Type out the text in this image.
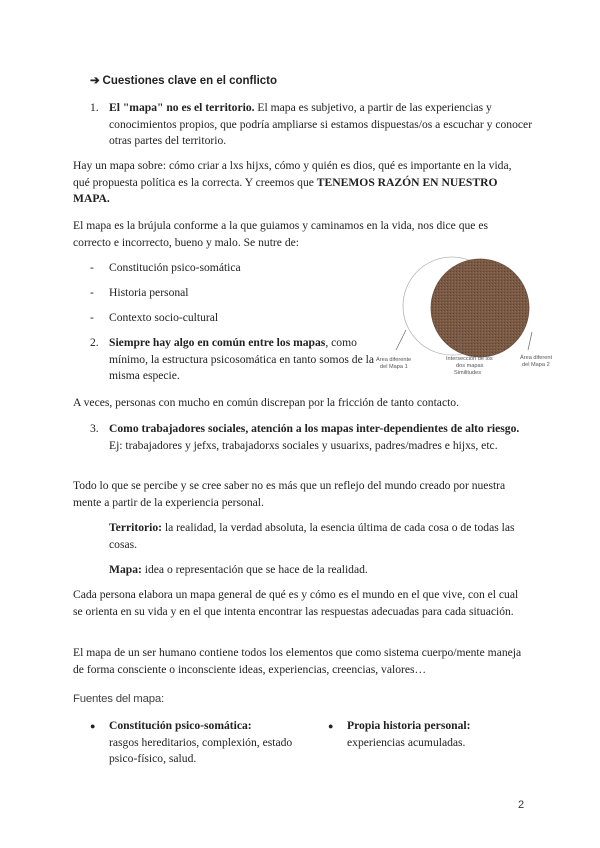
➔ Cuestiones clave en el conflicto
1. El "mapa" no es el territorio. El mapa es subjetivo, a partir de las experiencias y conocimientos propios, que podría ampliarse si estamos dispuestas/os a escuchar y conocer otras partes del territorio.

Hay un mapa sobre: cómo criar a lxs hijxs, cómo y quién es dios, qué es importante en la vida, qué propuesta política es la correcta. Y creemos que TENEMOS RAZÓN EN NUESTRO MAPA.

El mapa es la brújula conforme a la que guiamos y caminamos en la vida, nos dice que es correcto e incorrecto, bueno y malo. Se nutre de:

- Constitución psico-somática
- Historia personal
- Contexto socio-cultural
2. Siempre hay algo en común entre los mapas, como mínimo, la estructura psicosomática en tanto somos de la misma especie.
Área diferente
del Mapa 1
Intersección de los
dos mapas
Similitudes
Área diferente
del Mapa 2

A veces, personas con mucho en común discrepan por la fricción de tanto contacto.

3. Como trabajadores sociales, atención a los mapas inter-dependientes de alto riesgo. Ej: trabajadores y jefxs, trabajadorxs sociales y usuarixs, padres/madres e hijxs, etc.

Todo lo que se percibe y se cree saber no es más que un reflejo del mundo creado por nuestra mente a partir de la experiencia personal.

Territorio: la realidad, la verdad absoluta, la esencia última de cada cosa o de todas las cosas.

Mapa: idea o representación que se hace de la realidad.

Cada persona elabora un mapa general de qué es y cómo es el mundo en el que vive, con el cual se orienta en su vida y en el que intenta encontrar las respuestas adecuadas para cada situación.

El mapa de un ser humano contiene todos los elementos que como sistema cuerpo/mente maneja de forma consciente o inconsciente ideas, experiencias, creencias, valores…

Fuentes del mapa:
● Constitución psico-somática:
rasgos hereditarios, complexión, estado psico-físico, salud.
● Propia historia personal:
experiencias acumuladas.
2
